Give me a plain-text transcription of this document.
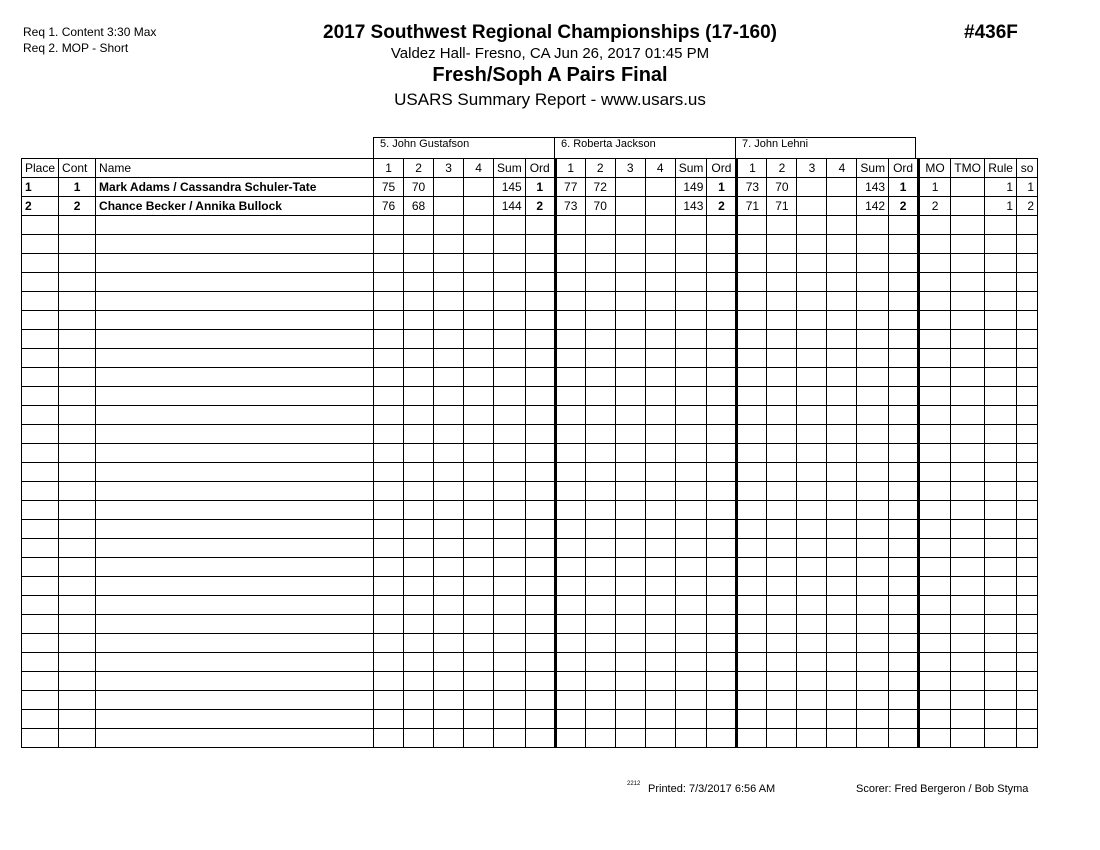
Req 1. Content 3:30 Max
Req 2. MOP - Short
2017 Southwest Regional Championships (17-160)
Valdez Hall- Fresno, CA Jun 26, 2017 01:45 PM
Fresh/Soph A Pairs Final
USARS Summary Report - www.usars.us
#436F
5. John Gustafson	6. Roberta Jackson	7. John Lehni
Place	Cont	Name	1	2	3	4	Sum	Ord	1	2	3	4	Sum	Ord	1	2	3	4	Sum	Ord	MO	TMO	Rule	so
1	1	Mark Adams / Cassandra Schuler-Tate	75	70			145	1	77	72			149	1	73	70			143	1	1		1	1
2	2	Chance Becker / Annika Bullock	76	68			144	2	73	70			143	2	71	71			142	2	2		1	2

2212 Printed: 7/3/2017 6:56 AM	Scorer: Fred Bergeron / Bob Styma
